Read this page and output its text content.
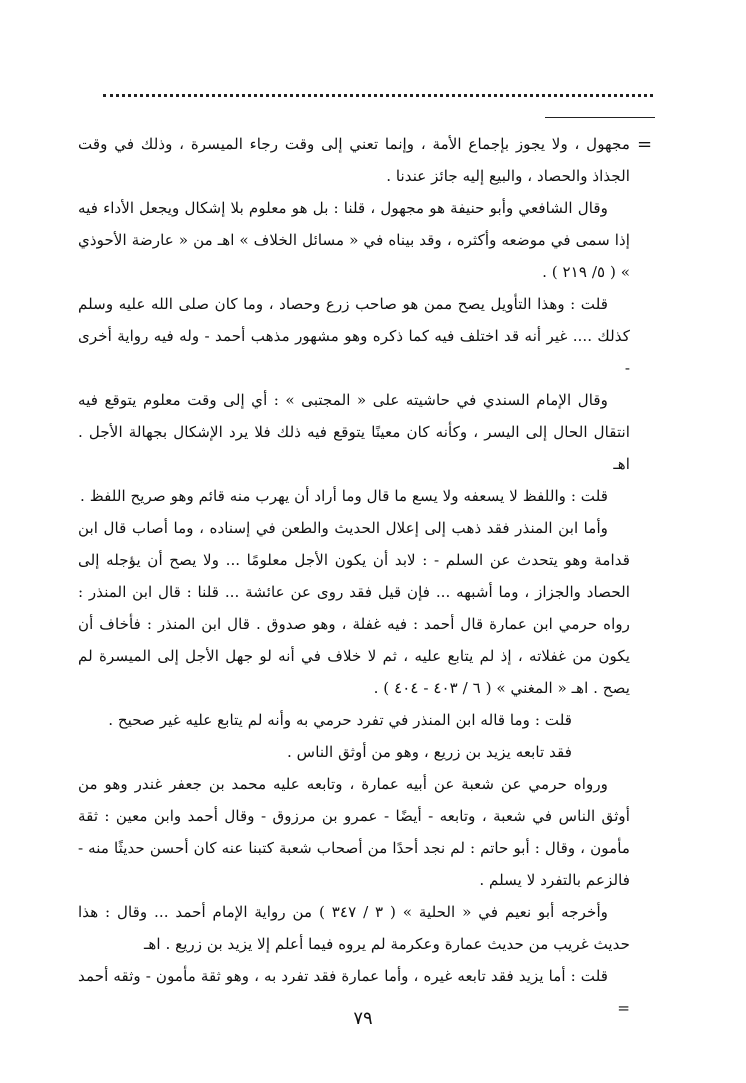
=

مجهول ، ولا يجوز بإجماع الأمة ، وإنما تعني إلى وقت رجاء الميسرة ، وذلك في وقت الجذاذ والحصاد ، والبيع إليه جائز عندنا .

وقال الشافعي وأبو حنيفة هو مجهول ، قلنا : بل هو معلوم بلا إشكال ويجعل الأداء فيه إذا سمى في موضعه وأكثره ، وقد بيناه في « مسائل الخلاف » اهـ من « عارضة الأحوذي » ( ٥/ ٢١٩ ) .

قلت : وهذا التأويل يصح ممن هو صاحب زرع وحصاد ، وما كان صلى الله عليه وسلم كذلك .... غير أنه قد اختلف فيه كما ذكره وهو مشهور مذهب أحمد - وله فيه رواية أخرى -

وقال الإمام السندي في حاشيته على « المجتبى » : أي إلى وقت معلوم يتوقع فيه انتقال الحال إلى اليسر ، وكأنه كان معينًا يتوقع فيه ذلك فلا يرد الإشكال بجهالة الأجل . اهـ

قلت : واللفظ لا يسعفه ولا يسع ما قال وما أراد أن يهرب منه قائم وهو صريح اللفظ .

وأما ابن المنذر فقد ذهب إلى إعلال الحديث والطعن في إسناده ، وما أصاب قال ابن قدامة وهو يتحدث عن السلم - : لابد أن يكون الأجل معلومًا ... ولا يصح أن يؤجله إلى الحصاد والجزاز ، وما أشبهه ... فإن قيل فقد روى عن عائشة ... قلنا : قال ابن المنذر : رواه حرمي ابن عمارة قال أحمد : فيه غفلة ، وهو صدوق . قال ابن المنذر : فأخاف أن يكون من غفلاته ، إذ لم يتابع عليه ، ثم لا خلاف في أنه لو جهل الأجل إلى الميسرة لم يصح . اهـ « المغني » ( ٦ / ٤٠٣ - ٤٠٤ ) .

قلت : وما قاله ابن المنذر في تفرد حرمي به وأنه لم يتابع عليه غير صحيح .

فقد تابعه يزيد بن زريع ، وهو من أوثق الناس .

ورواه حرمي عن شعبة عن أبيه عمارة ، وتابعه عليه محمد بن جعفر غندر وهو من أوثق الناس في شعبة ، وتابعه - أيضًا - عمرو بن مرزوق - وقال أحمد وابن معين : ثقة مأمون ، وقال : أبو حاتم : لم نجد أحدًا من أصحاب شعبة كتبنا عنه كان أحسن حديثًا منه - فالزعم بالتفرد لا يسلم .

وأخرجه أبو نعيم في « الحلية » ( ٣ / ٣٤٧ ) من رواية الإمام أحمد ... وقال : هذا حديث غريب من حديث عمارة وعكرمة لم يروه فيما أعلم إلا يزيد بن زريع . اهـ

قلت : أما يزيد فقد تابعه غيره ، وأما عمارة فقد تفرد به ، وهو ثقة مأمون - وثقه أحمد =

٧٩
